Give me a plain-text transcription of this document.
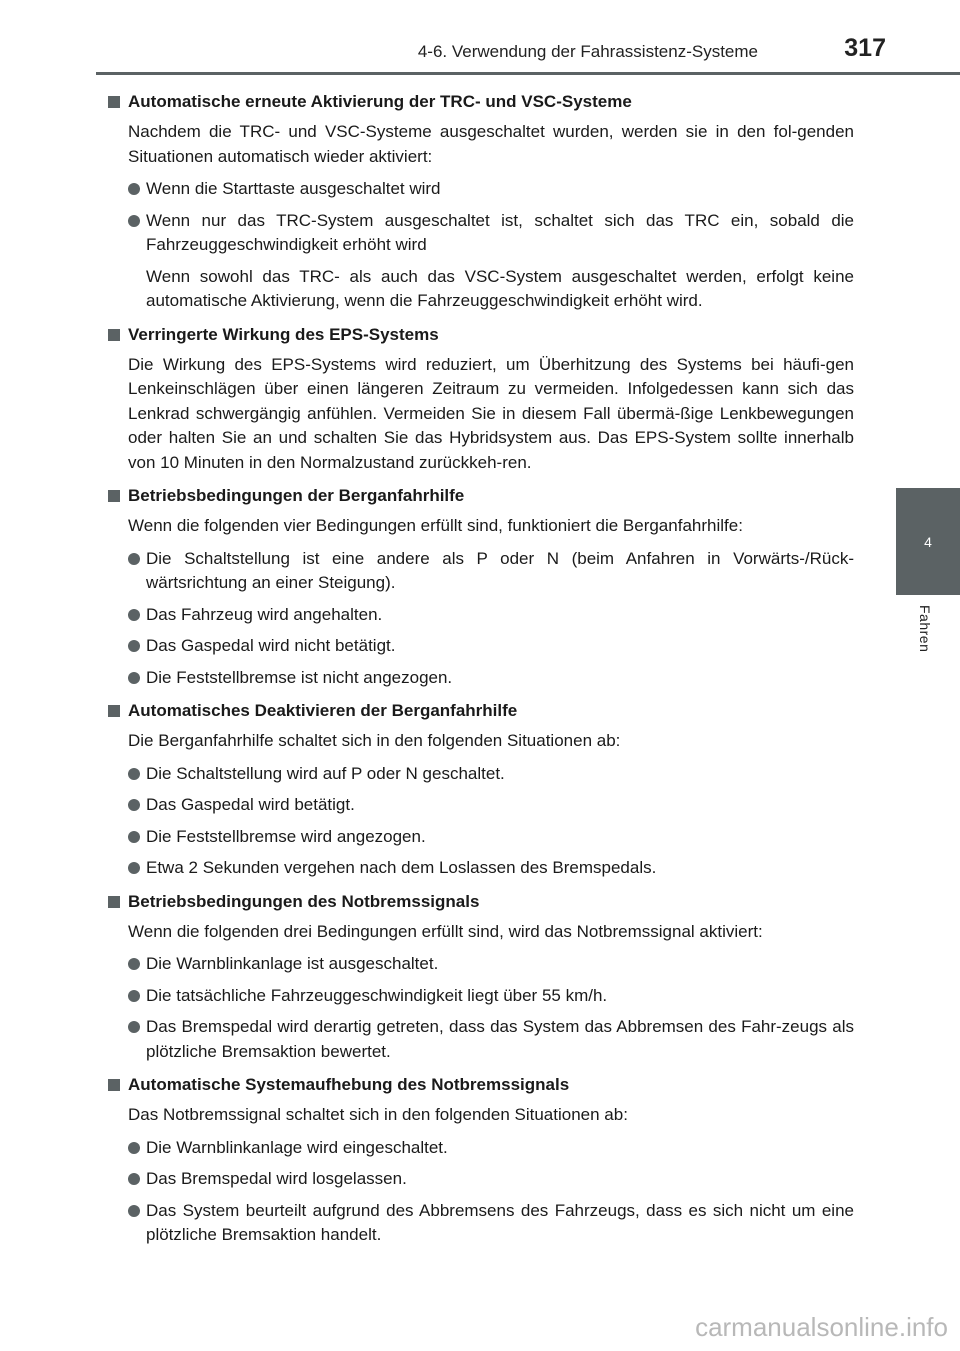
4-6. Verwendung der Fahrassistenz-Systeme	317
4
Fahren
Automatische erneute Aktivierung der TRC- und VSC-Systeme

Nachdem die TRC- und VSC-Systeme ausgeschaltet wurden, werden sie in den fol-genden Situationen automatisch wieder aktiviert:

Wenn die Starttaste ausgeschaltet wird
Wenn nur das TRC-System ausgeschaltet ist, schaltet sich das TRC ein, sobald die Fahrzeuggeschwindigkeit erhöht wird

Wenn sowohl das TRC- als auch das VSC-System ausgeschaltet werden, erfolgt keine automatische Aktivierung, wenn die Fahrzeuggeschwindigkeit erhöht wird.

Verringerte Wirkung des EPS-Systems

Die Wirkung des EPS-Systems wird reduziert, um Überhitzung des Systems bei häufi-gen Lenkeinschlägen über einen längeren Zeitraum zu vermeiden. Infolgedessen kann sich das Lenkrad schwergängig anfühlen. Vermeiden Sie in diesem Fall übermä-ßige Lenkbewegungen oder halten Sie an und schalten Sie das Hybridsystem aus. Das EPS-System sollte innerhalb von 10 Minuten in den Normalzustand zurückkeh-ren.

Betriebsbedingungen der Berganfahrhilfe

Wenn die folgenden vier Bedingungen erfüllt sind, funktioniert die Berganfahrhilfe:

Die Schaltstellung ist eine andere als P oder N (beim Anfahren in Vorwärts-/Rück-wärtsrichtung an einer Steigung).
Das Fahrzeug wird angehalten.
Das Gaspedal wird nicht betätigt.
Die Feststellbremse ist nicht angezogen.
Automatisches Deaktivieren der Berganfahrhilfe

Die Berganfahrhilfe schaltet sich in den folgenden Situationen ab:

Die Schaltstellung wird auf P oder N geschaltet.
Das Gaspedal wird betätigt.
Die Feststellbremse wird angezogen.
Etwa 2 Sekunden vergehen nach dem Loslassen des Bremspedals.
Betriebsbedingungen des Notbremssignals

Wenn die folgenden drei Bedingungen erfüllt sind, wird das Notbremssignal aktiviert:

Die Warnblinkanlage ist ausgeschaltet.
Die tatsächliche Fahrzeuggeschwindigkeit liegt über 55 km/h.
Das Bremspedal wird derartig getreten, dass das System das Abbremsen des Fahr-zeugs als plötzliche Bremsaktion bewertet.
Automatische Systemaufhebung des Notbremssignals

Das Notbremssignal schaltet sich in den folgenden Situationen ab:

Die Warnblinkanlage wird eingeschaltet.
Das Bremspedal wird losgelassen.
Das System beurteilt aufgrund des Abbremsens des Fahrzeugs, dass es sich nicht um eine plötzliche Bremsaktion handelt.
carmanualsonline.info
